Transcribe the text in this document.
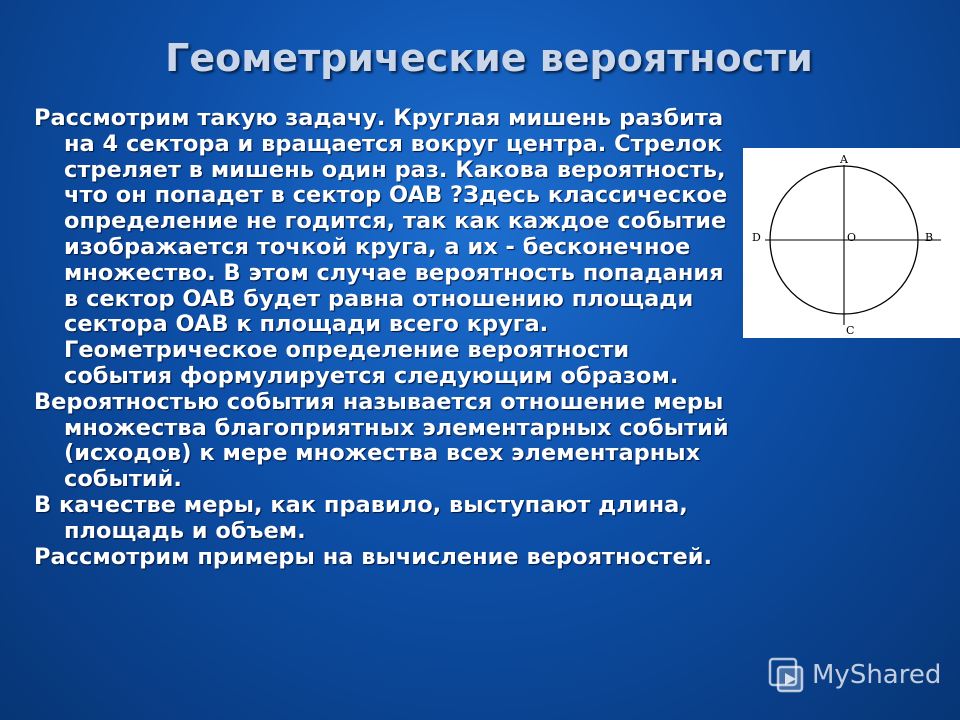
Геометрические вероятности
Рассмотрим такую задачу. Круглая мишень разбита на 4 сектора и вращается вокруг центра. Стрелок стреляет в мишень один раз. Какова вероятность, что он попадет в сектор OAB ?Здесь классическое определение не годится, так как каждое событие изображается точкой круга, а их - бесконечное множество. В этом случае вероятность попадания в сектор OAB будет равна отношению площади сектора OAB к площади всего круга.
Геометрическое определение вероятности события формулируется следующим образом.
Вероятностью события называется отношение меры множества благоприятных элементарных событий (исходов) к мере множества всех элементарных событий.
В качестве меры, как правило, выступают длина, площадь и объем.
Рассмотрим примеры на вычисление вероятностей.
A
B
C
D	O
MyShared
